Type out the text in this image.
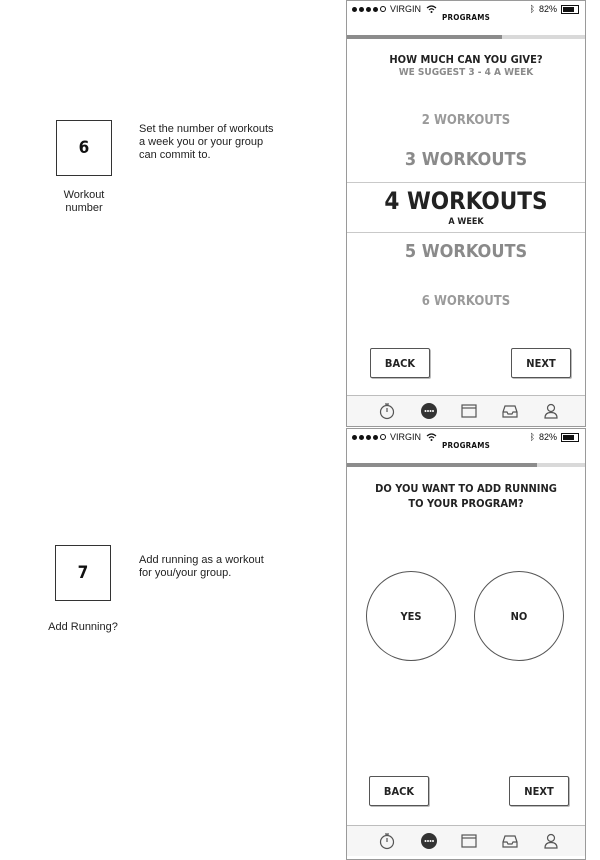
6
Workout
number
Set the number of workouts
a week you or your group
can commit to.
7
Add Running?
Add running as a workout
for you/your group.
VIRGIN
PROGRAMS
ᛒ 82%
HOW MUCH CAN YOU GIVE?
WE SUGGEST 3 - 4 A WEEK
2 WORKOUTS
3 WORKOUTS
4 WORKOUTS
A WEEK
5 WORKOUTS
6 WORKOUTS
BACK	NEXT
VIRGIN
PROGRAMS
ᛒ 82%
DO YOU WANT TO ADD RUNNING
TO YOUR PROGRAM?
YES	NO
BACK	NEXT
